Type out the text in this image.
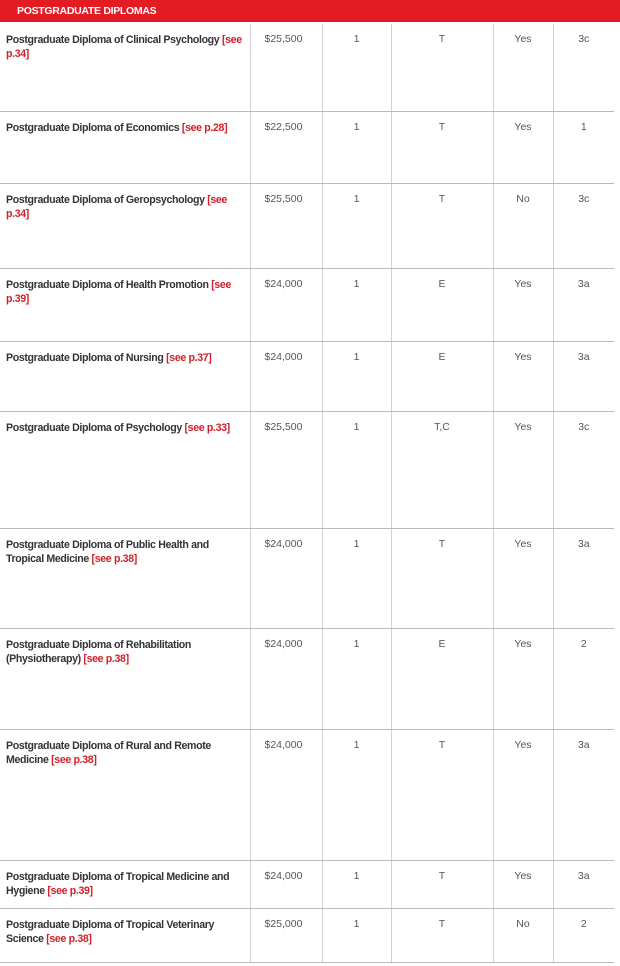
POSTGRADUATE DIPLOMAS
Postgraduate Diploma of Clinical Psychology [see p.34]	$25,500	1	T	Yes	3c
Postgraduate Diploma of Economics [see p.28]	$22,500	1	T	Yes	1
Postgraduate Diploma of Geropsychology [see p.34]	$25,500	1	T	No	3c
Postgraduate Diploma of Health Promotion [see p.39]	$24,000	1	E	Yes	3a
Postgraduate Diploma of Nursing [see p.37]	$24,000	1	E	Yes	3a
Postgraduate Diploma of Psychology [see p.33]	$25,500	1	T,C	Yes	3c
Postgraduate Diploma of Public Health and Tropical Medicine [see p.38]	$24,000	1	T	Yes	3a
Postgraduate Diploma of Rehabilitation (Physiotherapy) [see p.38]	$24,000	1	E	Yes	2
Postgraduate Diploma of Rural and Remote Medicine [see p.38]	$24,000	1	T	Yes	3a
Postgraduate Diploma of Tropical Medicine and Hygiene [see p.39]	$24,000	1	T	Yes	3a
Postgraduate Diploma of Tropical Veterinary Science [see p.38]	$25,000	1	T	No	2
